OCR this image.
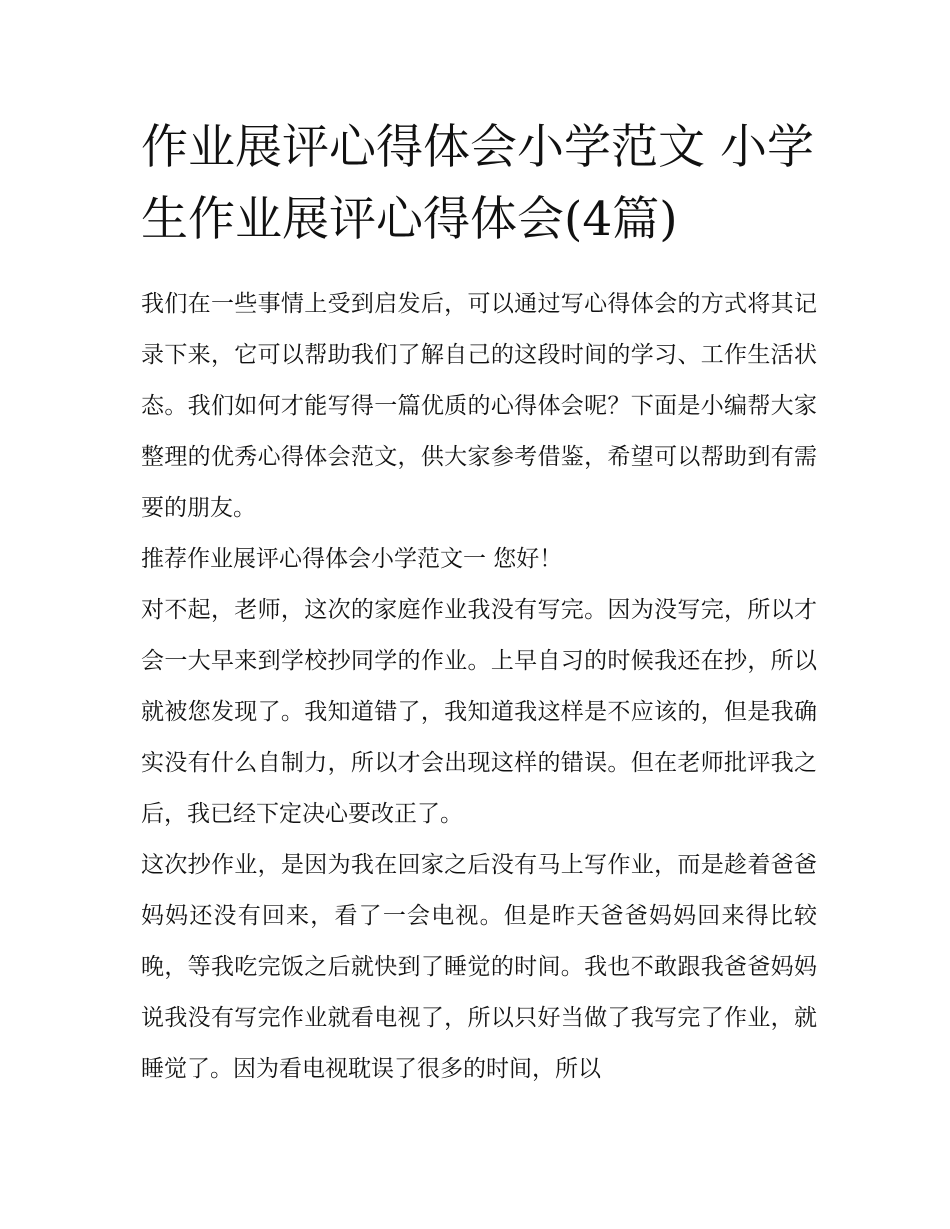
作业展评心得体会小学范文 小学生作业展评心得体会(4篇)

我们在一些事情上受到启发后，可以通过写心得体会的方式将其记录下来，它可以帮助我们了解自己的这段时间的学习、工作生活状态。我们如何才能写得一篇优质的心得体会呢？下面是小编帮大家整理的优秀心得体会范文，供大家参考借鉴，希望可以帮助到有需要的朋友。

推荐作业展评心得体会小学范文一 您好！

对不起，老师，这次的家庭作业我没有写完。因为没写完，所以才会一大早来到学校抄同学的作业。上早自习的时候我还在抄，所以就被您发现了。我知道错了，我知道我这样是不应该的，但是我确实没有什么自制力，所以才会出现这样的错误。但在老师批评我之后，我已经下定决心要改正了。

这次抄作业，是因为我在回家之后没有马上写作业，而是趁着爸爸妈妈还没有回来，看了一会电视。但是昨天爸爸妈妈回来得比较晚，等我吃完饭之后就快到了睡觉的时间。我也不敢跟我爸爸妈妈说我没有写完作业就看电视了，所以只好当做了我写完了作业，就睡觉了。因为看电视耽误了很多的时间，所以
